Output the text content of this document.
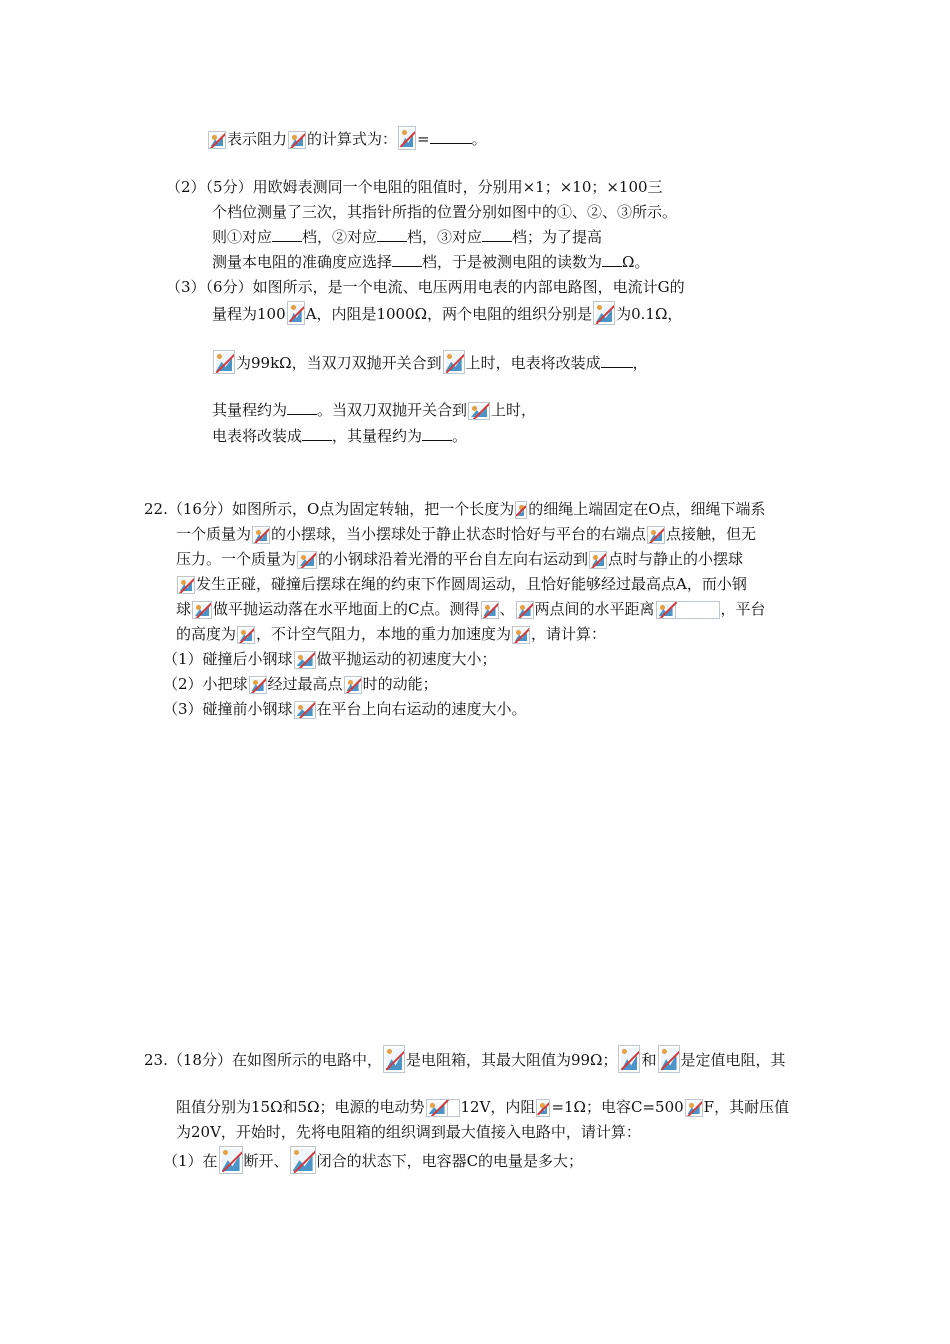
表示阻力 的计算式为： =	。
（2）（5分）用欧姆表测同一个电阻的阻值时，分别用×1；×10；×100三
个档位测量了三次，其指针所指的位置分别如图中的①、②、③所示。
则①对应 档，②对应 档，③对应 档；为了提高
测量本电阻的准确度应选择 档，于是被测电阻的读数为 Ω。
（3）（6分）如图所示，是一个电流、电压两用电表的内部电路图，电流计G的
量程为100 A，内阻是1000Ω，两个电阻的组织分别是 为0.1Ω，
为99kΩ，当双刀双抛开关合到 上时，电表将改装成 ，
其量程约为 。当双刀双抛开关合到 上时，
电表将改装成 ，其量程约为 。
22.（16分）如图所示，O点为固定转轴，把一个长度为 的细绳上端固定在O点，细绳下端系
一个质量为 的小摆球，当小摆球处于静止状态时恰好与平台的右端点 点接触，但无
压力。一个质量为 的小钢球沿着光滑的平台自左向右运动到 点时与静止的小摆球
发生正碰，碰撞后摆球在绳的约束下作圆周运动，且恰好能够经过最高点A，而小钢
球 做平抛运动落在水平地面上的C点。测得 、 两点间的水平距离	，平台
的高度为 ，不计空气阻力，本地的重力加速度为 ，请计算：
（1）碰撞后小钢球 做平抛运动的初速度大小；
（2）小把球 经过最高点 时的动能；
（3）碰撞前小钢球 在平台上向右运动的速度大小。
23.（18分）在如图所示的电路中， 是电阻箱，其最大阻值为99Ω； 和 是定值电阻，其
阻值分别为15Ω和5Ω；电源的电动势 12V，内阻 =1Ω；电容C=500 F，其耐压值
为20V，开始时，先将电阻箱的组织调到最大值接入电路中，请计算：
（1）在 断开、 闭合的状态下，电容器C的电量是多大；
